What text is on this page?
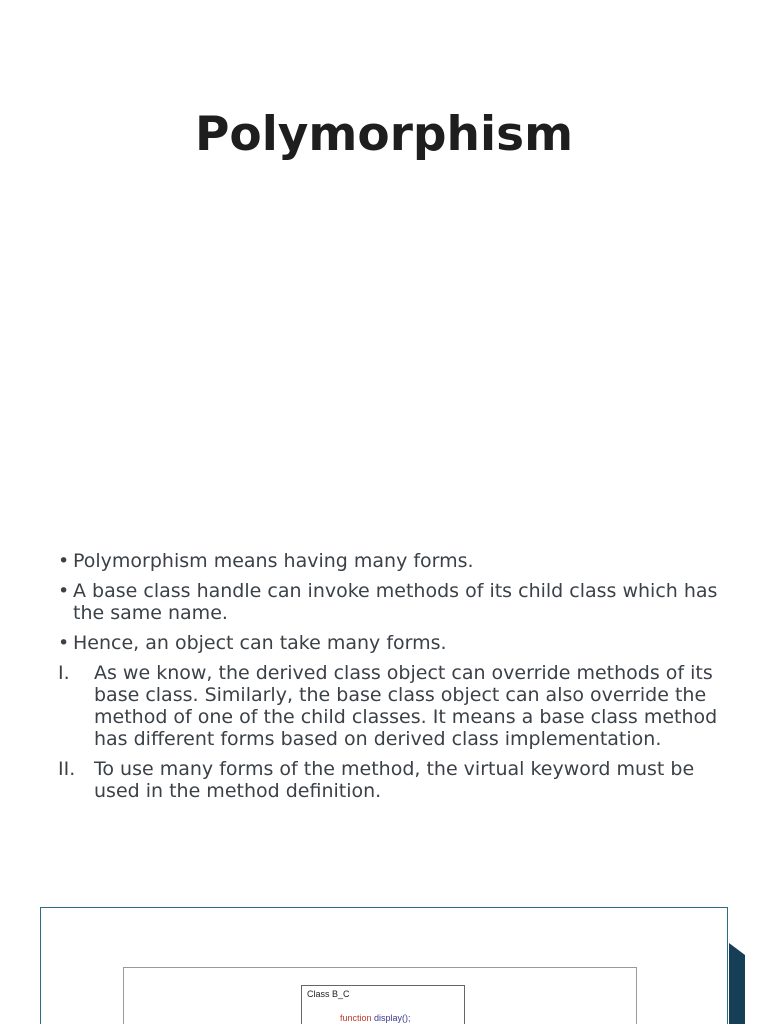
Polymorphism
• Polymorphism means having many forms.
• A base class handle can invoke methods of its child class which has the same name.
• Hence, an object can take many forms.
I. As we know, the derived class object can override methods of its base class. Similarly, the base class object can also override the method of one of the child classes. It means a base class method has different forms based on derived class implementation.
II. To use many forms of the method, the virtual keyword must be used in the method definition.
Class B_C
function display();
